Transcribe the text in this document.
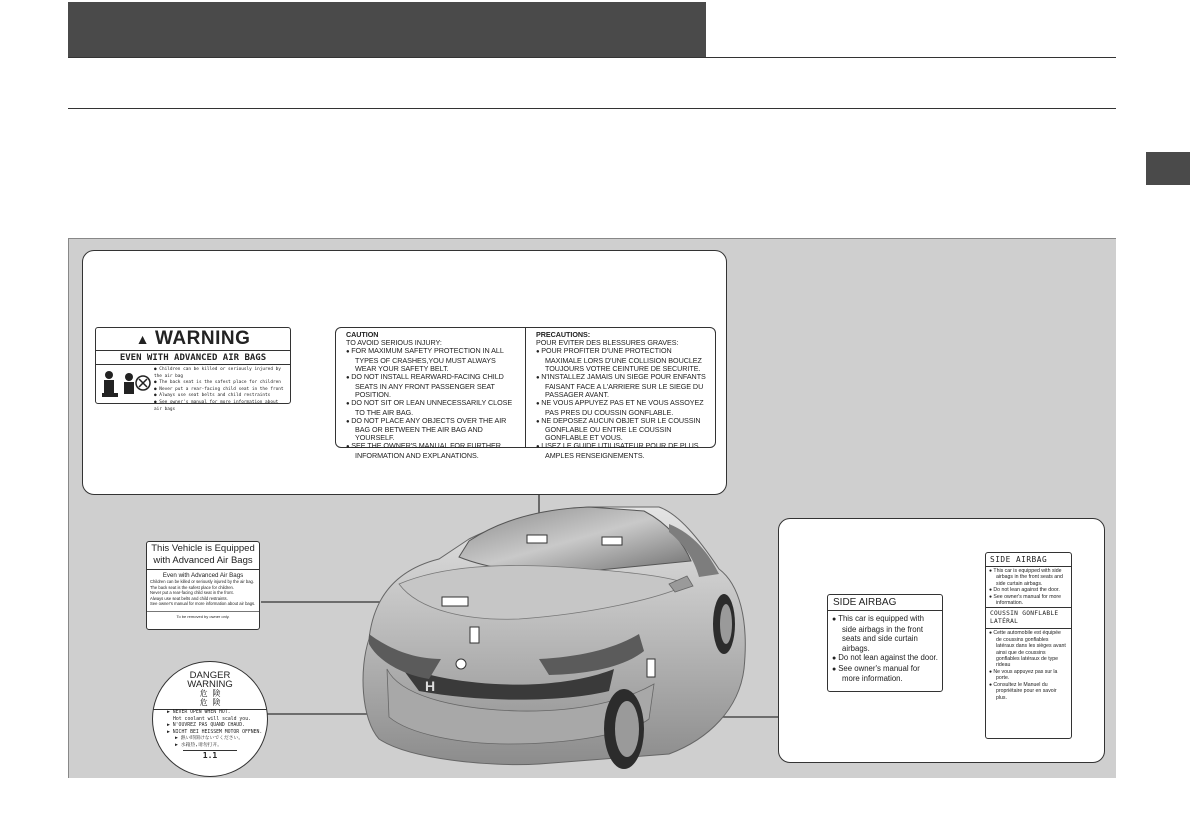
H
▲ WARNING
EVEN WITH ADVANCED AIR BAGS
● Children can be killed or seriously injured by the air bag
● The back seat is the safest place for children
● Never put a rear-facing child seat in the front
● Always use seat belts and child restraints
● See owner's manual for more information about air bags
CAUTION
TO AVOID SERIOUS INJURY:
● FOR MAXIMUM SAFETY PROTECTION IN ALL TYPES OF CRASHES,YOU MUST ALWAYS WEAR YOUR SAFETY BELT.
● DO NOT INSTALL REARWARD-FACING CHILD SEATS IN ANY FRONT PASSENGER SEAT POSITION.
● DO NOT SIT OR LEAN UNNECESSARILY CLOSE TO THE AIR BAG.
● DO NOT PLACE ANY OBJECTS OVER THE AIR BAG OR BETWEEN THE AIR BAG AND YOURSELF.
● SEE THE OWNER'S MANUAL FOR FURTHER INFORMATION AND EXPLANATIONS.
PRECAUTIONS:
POUR EVITER DES BLESSURES GRAVES:
● POUR PROFITER D'UNE PROTECTION MAXIMALE LORS D'UNE COLLISION BOUCLEZ TOUJOURS VOTRE CEINTURE DE SECURITE.
● N'INSTALLEZ JAMAIS UN SIEGE POUR ENFANTS FAISANT FACE A L'ARRIERE SUR LE SIEGE DU PASSAGER AVANT.
● NE VOUS APPUYEZ PAS ET NE VOUS ASSOYEZ PAS PRES DU COUSSIN GONFLABLE.
● NE DEPOSEZ AUCUN OBJET SUR LE COUSSIN GONFLABLE OU ENTRE LE COUSSIN GONFLABLE ET VOUS.
● LISEZ LE GUIDE UTILISATEUR POUR DE PLUS AMPLES RENSEIGNEMENTS.
This Vehicle is Equipped with Advanced Air Bags
Even with Advanced Air Bags
Children can be killed or seriously injured by the air bag.
The back seat is the safest place for children.
Never put a rear-facing child seat in the front.
Always use seat belts and child restraints.
See owner's manual for more information about air bags.
To be removed by owner only.
DANGER
WARNING
危 険
危 険
▶ NEVER OPEN WHEN HOT.
Hot coolant will scald you.
▶ N'OUVREZ PAS QUAND CHAUD.
▶ NICHT BEI HEISSEM MOTOR OFFNEN.
▶ 熱い時開けないでください。
▶ 水箱热,请勿打开。
1.1
SIDE AIRBAG
● This car is equipped with side airbags in the front seats and side curtain airbags.
● Do not lean against the door.
● See owner's manual for more information.
SIDE AIRBAG
● This car is equipped with side airbags in the front seats and side curtain airbags.
● Do not lean against the door.
● See owner's manual for more information.
COUSSIN GONFLABLE LATÉRAL
● Cette automobile est équipée de coussins gonflables latéraux dans les sièges avant ainsi que de coussins gonflables latéraux de type rideau
● Ne vous appuyez pas sur la porte.
● Consultez le Manuel du propriétaire pour en savoir plus.
